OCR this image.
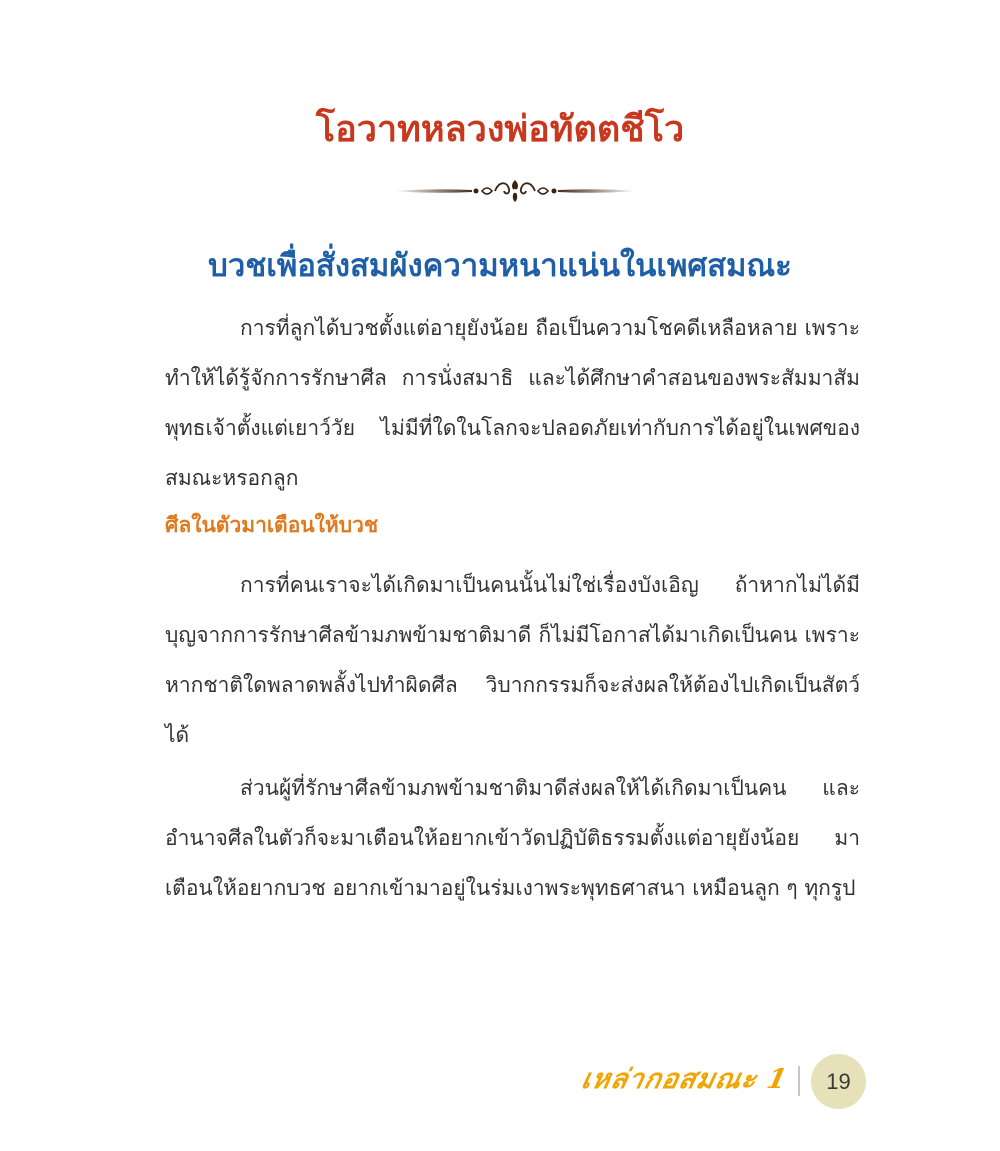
โอวาทหลวงพ่อทัตตชีโว
บวชเพื่อสั่งสมผังความหนาแน่นในเพศสมณะ

การที่ลูกได้บวชตั้งแต่อายุยังน้อย ถือเป็นความโชคดีเหลือหลาย เพราะทำให้ได้รู้จักการรักษาศีล การนั่งสมาธิ และได้ศึกษาคำสอนของพระสัมมาสัมพุทธเจ้าตั้งแต่เยาว์วัย ไม่มีที่ใดในโลกจะปลอดภัยเท่ากับการได้อยู่ในเพศของสมณะหรอกลูก

ศีลในตัวมาเตือนให้บวช

การที่คนเราจะได้เกิดมาเป็นคนนั้นไม่ใช่เรื่องบังเอิญ ถ้าหากไม่ได้มีบุญจากการรักษาศีลข้ามภพข้ามชาติมาดี ก็ไม่มีโอกาสได้มาเกิดเป็นคน เพราะหากชาติใดพลาดพลั้งไปทำผิดศีล วิบากกรรมก็จะส่งผลให้ต้องไปเกิดเป็นสัตว์ได้

ส่วนผู้ที่รักษาศีลข้ามภพข้ามชาติมาดีส่งผลให้ได้เกิดมาเป็นคน และอำนาจศีลในตัวก็จะมาเตือนให้อยากเข้าวัดปฏิบัติธรรมตั้งแต่อายุยังน้อย มาเตือนให้อยากบวช อยากเข้ามาอยู่ในร่มเงาพระพุทธศาสนา เหมือนลูก ๆ ทุกรูป

เหล่ากอสมณะ 1	19
